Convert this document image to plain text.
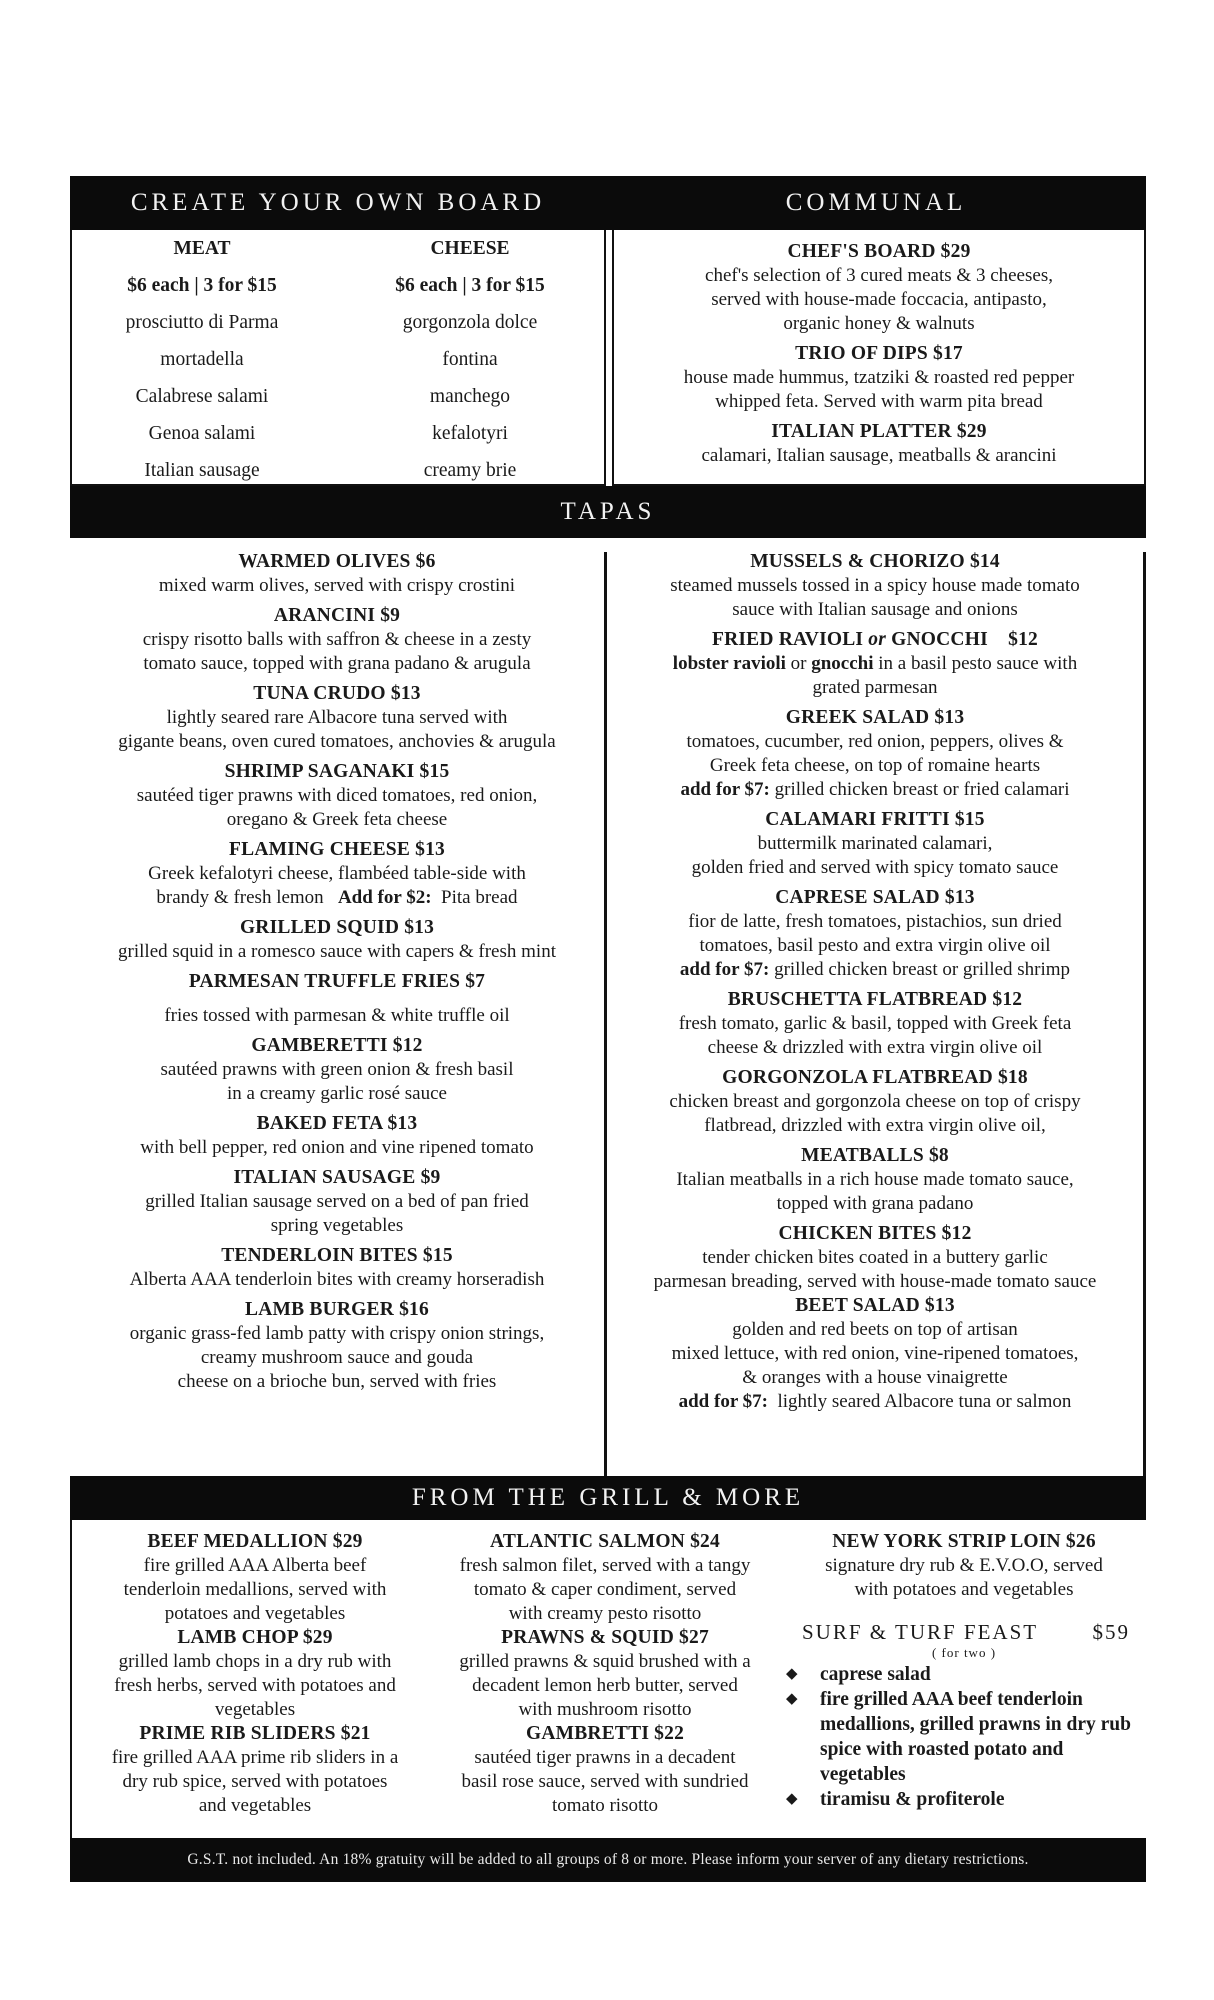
CREATE YOUR OWN BOARD	COMMUNAL
MEAT
$6 each | 3 for $15
prosciutto di Parma
mortadella
Calabrese salami
Genoa salami
Italian sausage
CHEESE
$6 each | 3 for $15
gorgonzola dolce
fontina
manchego
kefalotyri
creamy brie
CHEF'S BOARD $29
chef's selection of 3 cured meats & 3 cheeses,
served with house-made foccacia, antipasto,
organic honey & walnuts
TRIO OF DIPS $17
house made hummus, tzatziki & roasted red pepper
whipped feta. Served with warm pita bread
ITALIAN PLATTER $29
calamari, Italian sausage, meatballs & arancini
TAPAS
WARMED OLIVES $6
mixed warm olives, served with crispy crostini
ARANCINI $9
crispy risotto balls with saffron & cheese in a zesty
tomato sauce, topped with grana padano & arugula
TUNA CRUDO $13
lightly seared rare Albacore tuna served with
gigante beans, oven cured tomatoes, anchovies & arugula
SHRIMP SAGANAKI $15
sautéed tiger prawns with diced tomatoes, red onion,
oregano & Greek feta cheese
FLAMING CHEESE $13
Greek kefalotyri cheese, flambéed table-side with
brandy & fresh lemon   Add for $2:  Pita bread
GRILLED SQUID $13
grilled squid in a romesco sauce with capers & fresh mint
PARMESAN TRUFFLE FRIES $7
fries tossed with parmesan & white truffle oil
GAMBERETTI $12
sautéed prawns with green onion & fresh basil
in a creamy garlic rosé sauce
BAKED FETA $13
with bell pepper, red onion and vine ripened tomato
ITALIAN SAUSAGE $9
grilled Italian sausage served on a bed of pan fried
spring vegetables
TENDERLOIN BITES $15
Alberta AAA tenderloin bites with creamy horseradish
LAMB BURGER $16
organic grass-fed lamb patty with crispy onion strings,
creamy mushroom sauce and gouda
cheese on a brioche bun, served with fries
MUSSELS & CHORIZO $14
steamed mussels tossed in a spicy house made tomato
sauce with Italian sausage and onions
FRIED RAVIOLI or GNOCCHI    $12
lobster ravioli or gnocchi in a basil pesto sauce with
grated parmesan
GREEK SALAD $13
tomatoes, cucumber, red onion, peppers, olives &
Greek feta cheese, on top of romaine hearts
add for $7: grilled chicken breast or fried calamari
CALAMARI FRITTI $15
buttermilk marinated calamari,
golden fried and served with spicy tomato sauce
CAPRESE SALAD $13
fior de latte, fresh tomatoes, pistachios, sun dried
tomatoes, basil pesto and extra virgin olive oil
add for $7: grilled chicken breast or grilled shrimp
BRUSCHETTA FLATBREAD $12
fresh tomato, garlic & basil, topped with Greek feta
cheese & drizzled with extra virgin olive oil
GORGONZOLA FLATBREAD $18
chicken breast and gorgonzola cheese on top of crispy
flatbread, drizzled with extra virgin olive oil,
MEATBALLS $8
Italian meatballs in a rich house made tomato sauce,
topped with grana padano
CHICKEN BITES $12
tender chicken bites coated in a buttery garlic
parmesan breading, served with house-made tomato sauce
BEET SALAD $13
golden and red beets on top of artisan
mixed lettuce, with red onion, vine-ripened tomatoes,
& oranges with a house vinaigrette
add for $7:  lightly seared Albacore tuna or salmon
FROM THE GRILL & MORE
BEEF MEDALLION $29
fire grilled AAA Alberta beef
tenderloin medallions, served with
potatoes and vegetables
LAMB CHOP $29
grilled lamb chops in a dry rub with
fresh herbs, served with potatoes and
vegetables
PRIME RIB SLIDERS $21
fire grilled AAA prime rib sliders in a
dry rub spice, served with potatoes
and vegetables
ATLANTIC SALMON $24
fresh salmon filet, served with a tangy
tomato & caper condiment, served
with creamy pesto risotto
PRAWNS & SQUID $27
grilled prawns & squid brushed with a
decadent lemon herb butter, served
with mushroom risotto
GAMBRETTI $22
sautéed tiger prawns in a decadent
basil rose sauce, served with sundried
tomato risotto
NEW YORK STRIP LOIN $26
signature dry rub & E.V.O.O, served
with potatoes and vegetables
SURF & TURF FEAST	$59
( for two )
◆ caprese salad
◆ fire grilled AAA beef tenderloin medallions, grilled prawns in dry rub spice with roasted potato and vegetables
◆ tiramisu & profiterole
G.S.T. not included. An 18% gratuity will be added to all groups of 8 or more. Please inform your server of any dietary restrictions.
